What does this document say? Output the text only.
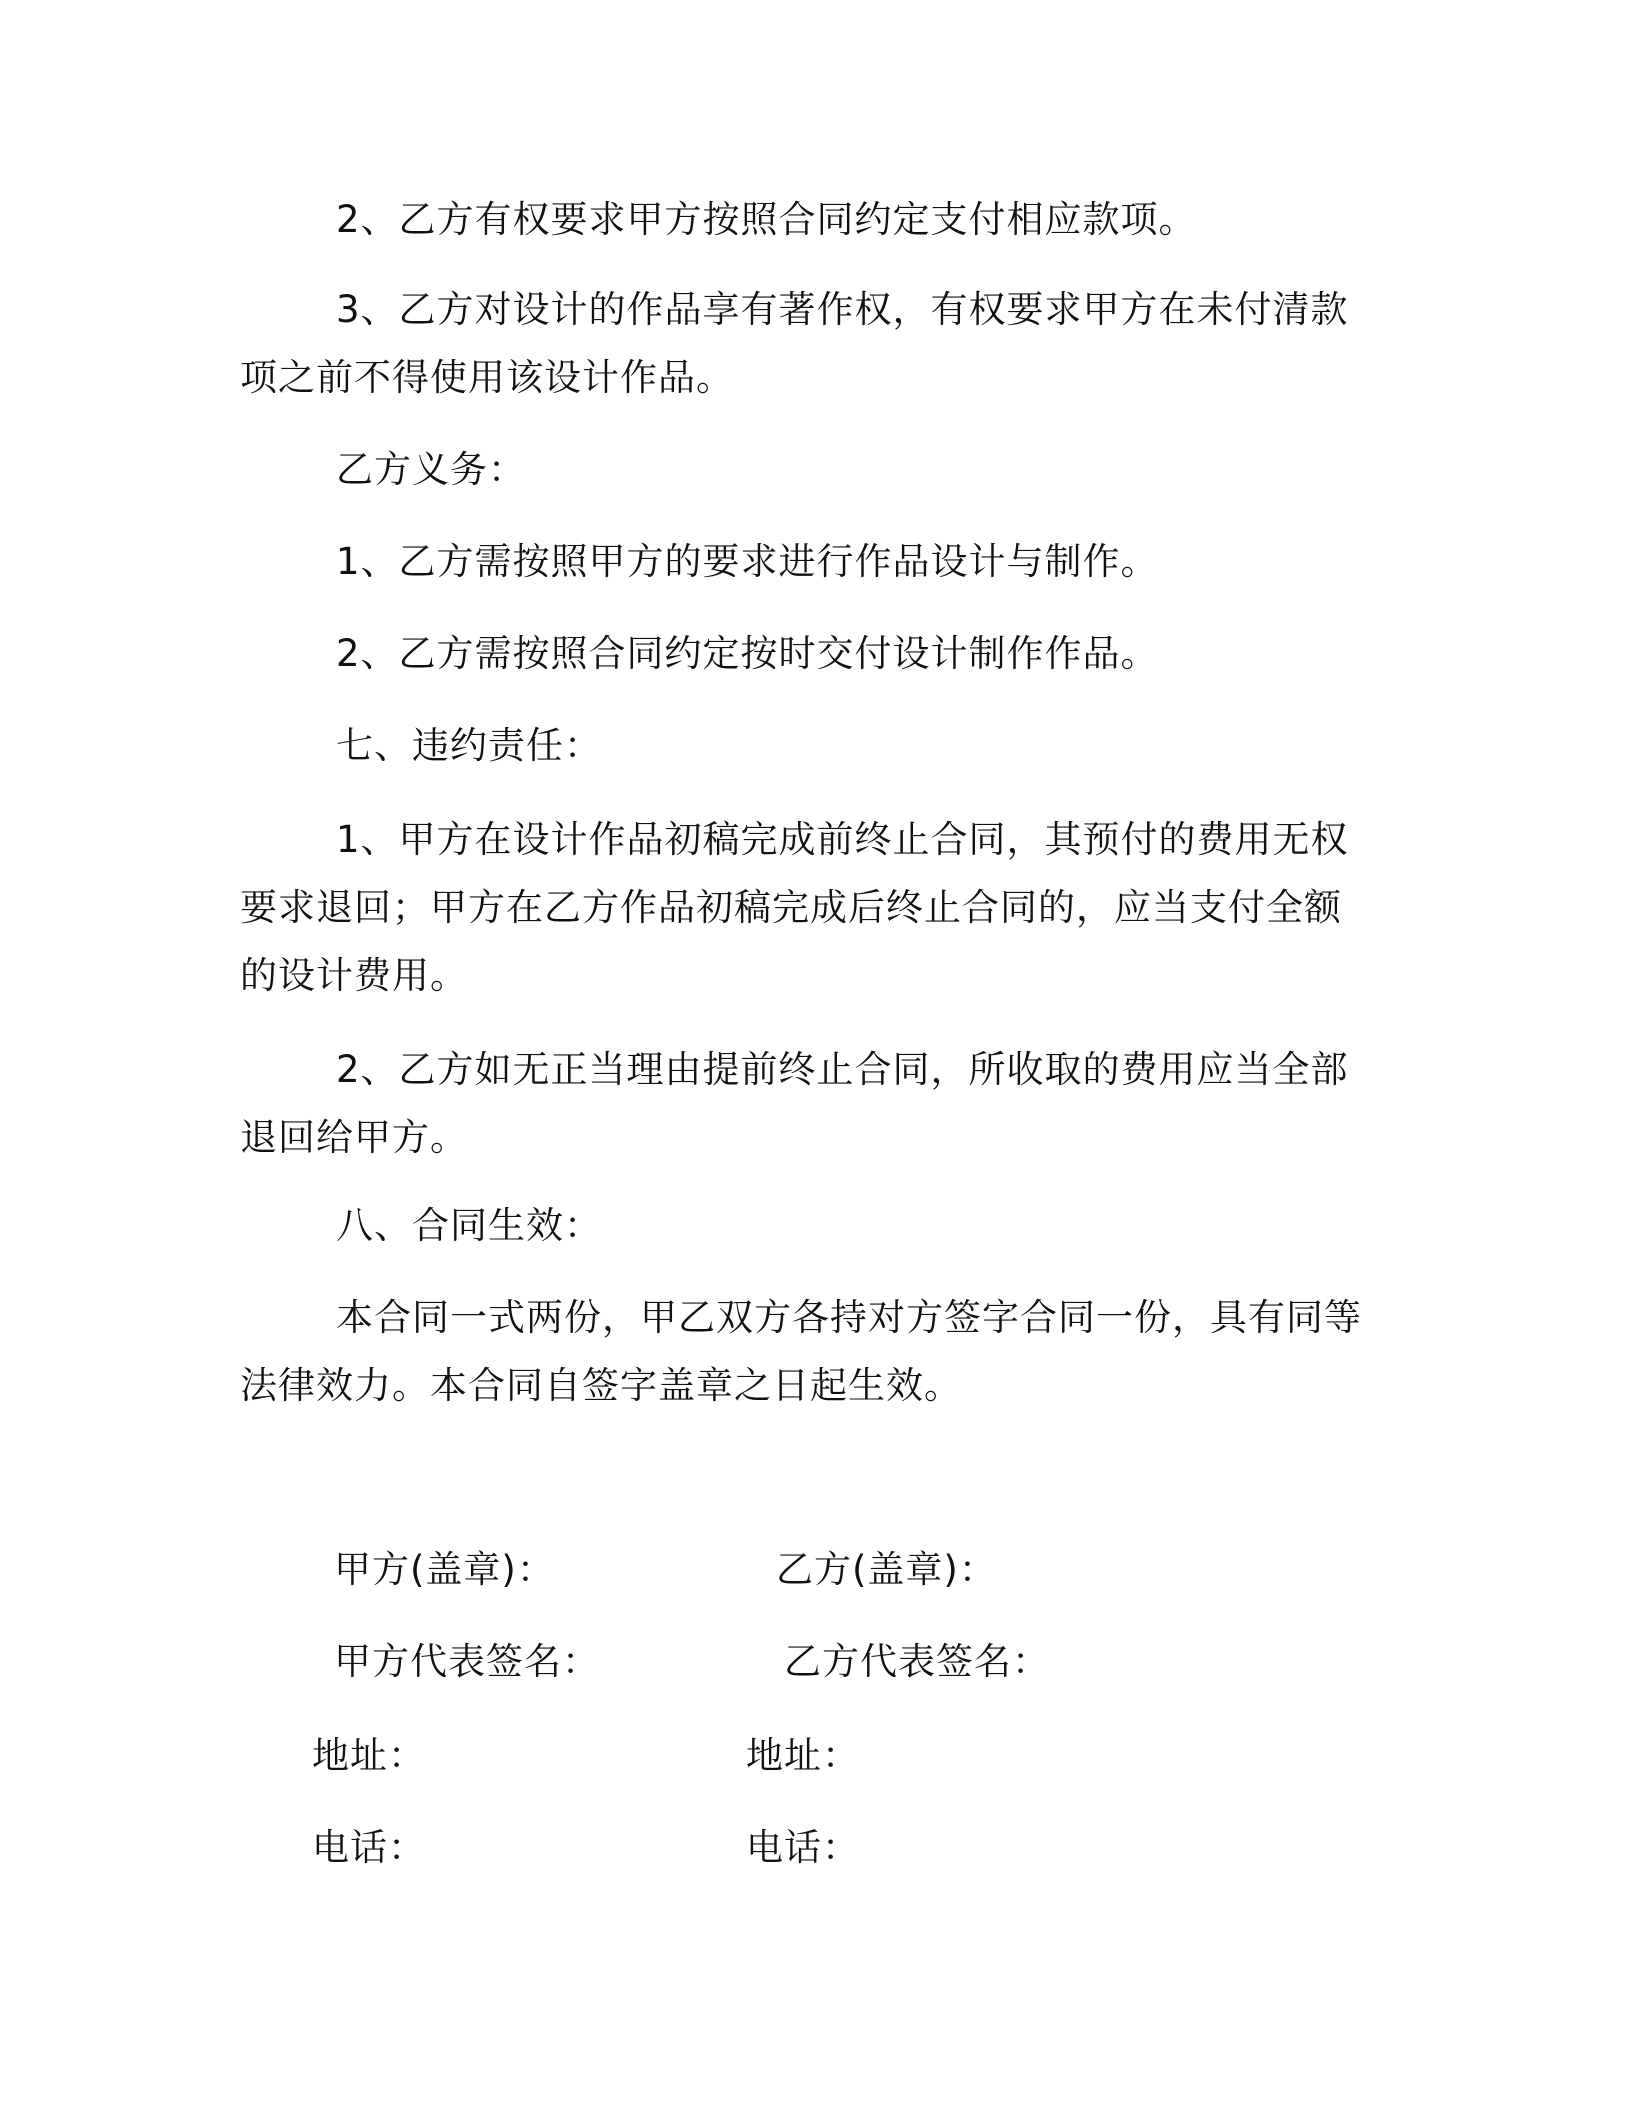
2、乙方有权要求甲方按照合同约定支付相应款项。

3、乙方对设计的作品享有著作权，有权要求甲方在未付清款项之前不得使用该设计作品。

乙方义务：

1、乙方需按照甲方的要求进行作品设计与制作。

2、乙方需按照合同约定按时交付设计制作作品。

七、违约责任：

1、甲方在设计作品初稿完成前终止合同，其预付的费用无权要求退回；甲方在乙方作品初稿完成后终止合同的，应当支付全额的设计费用。

2、乙方如无正当理由提前终止合同，所收取的费用应当全部退回给甲方。

八、合同生效：

本合同一式两份，甲乙双方各持对方签字合同一份，具有同等法律效力。本合同自签字盖章之日起生效。

甲方(盖章)：	乙方(盖章)：

甲方代表签名：	乙方代表签名：

地址：	地址：

电话：	电话：
